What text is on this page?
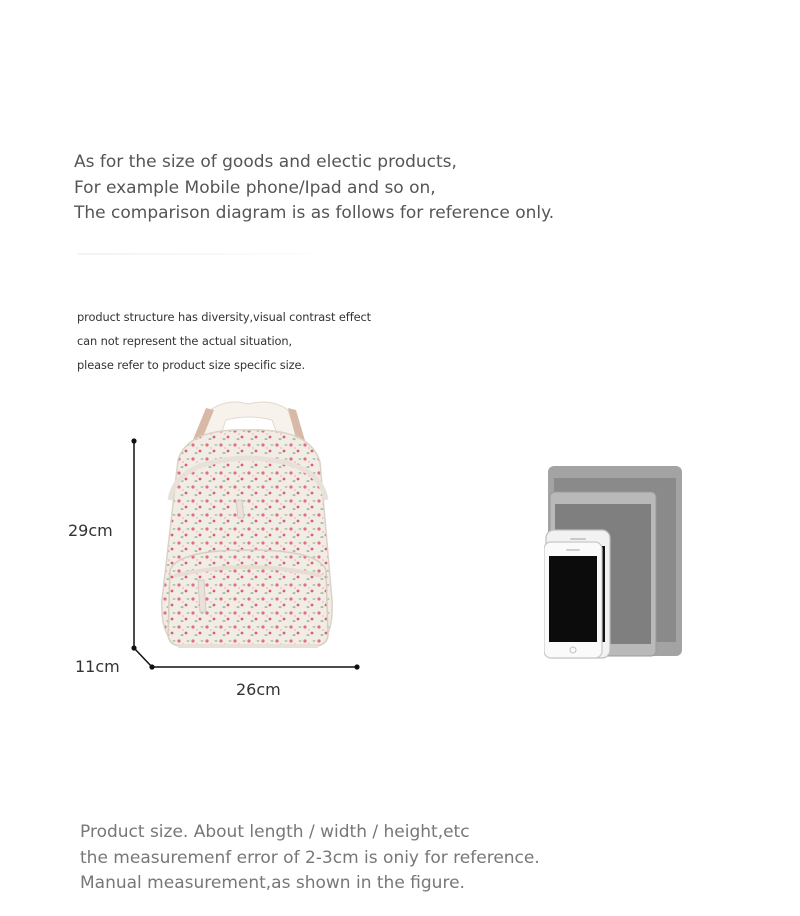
As for the size of goods and electic products,
For example Mobile phone/Ipad and so on,
The comparison diagram is as follows for reference only.
product structure has diversity,visual contrast effect
can not represent the actual situation,
please refer to product size specific size.
29cm
11cm
26cm
Product size. About length / width / height,etc
the measuremenf error of 2-3cm is oniy for reference.
Manual measurement,as shown in the figure.
